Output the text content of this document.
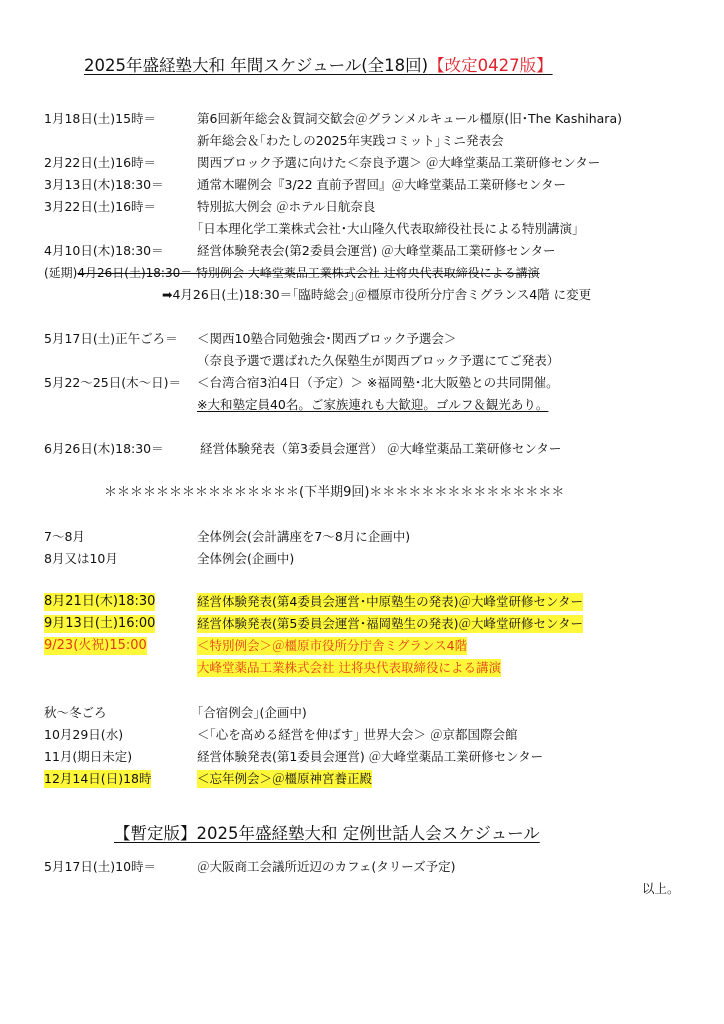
2025年盛経塾大和 年間スケジュール(全18回)【改定0427版】
1月18日(土)15時＝	第6回新年総会＆賀詞交歓会＠グランメルキュール橿原(旧･The Kashihara)
新年総会＆｢わたしの2025年実践コミット｣ミニ発表会
2月22日(土)16時＝	関西ブロック予選に向けた＜奈良予選＞ ＠大峰堂薬品工業研修センター
3月13日(木)18:30＝	通常木曜例会『3/22 直前予習回』＠大峰堂薬品工業研修センター
3月22日(土)16時＝	特別拡大例会 ＠ホテル日航奈良
｢日本理化学工業株式会社･大山隆久代表取締役社長による特別講演｣
4月10日(木)18:30＝	経営体験発表会(第2委員会運営) ＠大峰堂薬品工業研修センター
(延期)4月26日(土)18:30＝ 特別例会 大峰堂薬品工業株式会社 辻将央代表取締役による講演
➡4月26日(土)18:30＝｢臨時総会｣＠橿原市役所分庁舎ミグランス4階 に変更
5月17日(土)正午ごろ＝ ＜関西10塾合同勉強会･関西ブロック予選会＞
（奈良予選で選ばれた久保塾生が関西ブロック予選にてご発表）
5月22～25日(木～日)＝ ＜台湾合宿3泊4日（予定）＞ ※福岡塾･北大阪塾との共同開催。
※大和塾定員40名。ご家族連れも大歓迎。ゴルフ＆観光あり。
6月26日(木)18:30＝	経営体験発表（第3委員会運営） ＠大峰堂薬品工業研修センター
＊＊＊＊＊＊＊＊＊＊＊＊＊＊＊(下半期9回)＊＊＊＊＊＊＊＊＊＊＊＊＊＊＊
7～8月	全体例会(会計講座を7～8月に企画中)
8月又は10月	全体例会(企画中)
8月21日(木)18:30	経営体験発表(第4委員会運営･中原塾生の発表)＠大峰堂研修センター
9月13日(土)16:00	経営体験発表(第5委員会運営･福岡塾生の発表)＠大峰堂研修センター
9/23(火祝)15:00	＜特別例会＞＠橿原市役所分庁舎ミグランス4階
大峰堂薬品工業株式会社 辻将央代表取締役による講演
秋～冬ごろ	｢合宿例会｣(企画中)
10月29日(水)	＜｢心を高める経営を伸ばす｣ 世界大会＞ ＠京都国際会館
11月(期日未定)	経営体験発表(第1委員会運営) ＠大峰堂薬品工業研修センター
12月14日(日)18時	＜忘年例会＞＠橿原神宮養正殿
【暫定版】2025年盛経塾大和 定例世話人会スケジュール
5月17日(土)10時＝	＠大阪商工会議所近辺のカフェ(タリーズ予定)
以上。
